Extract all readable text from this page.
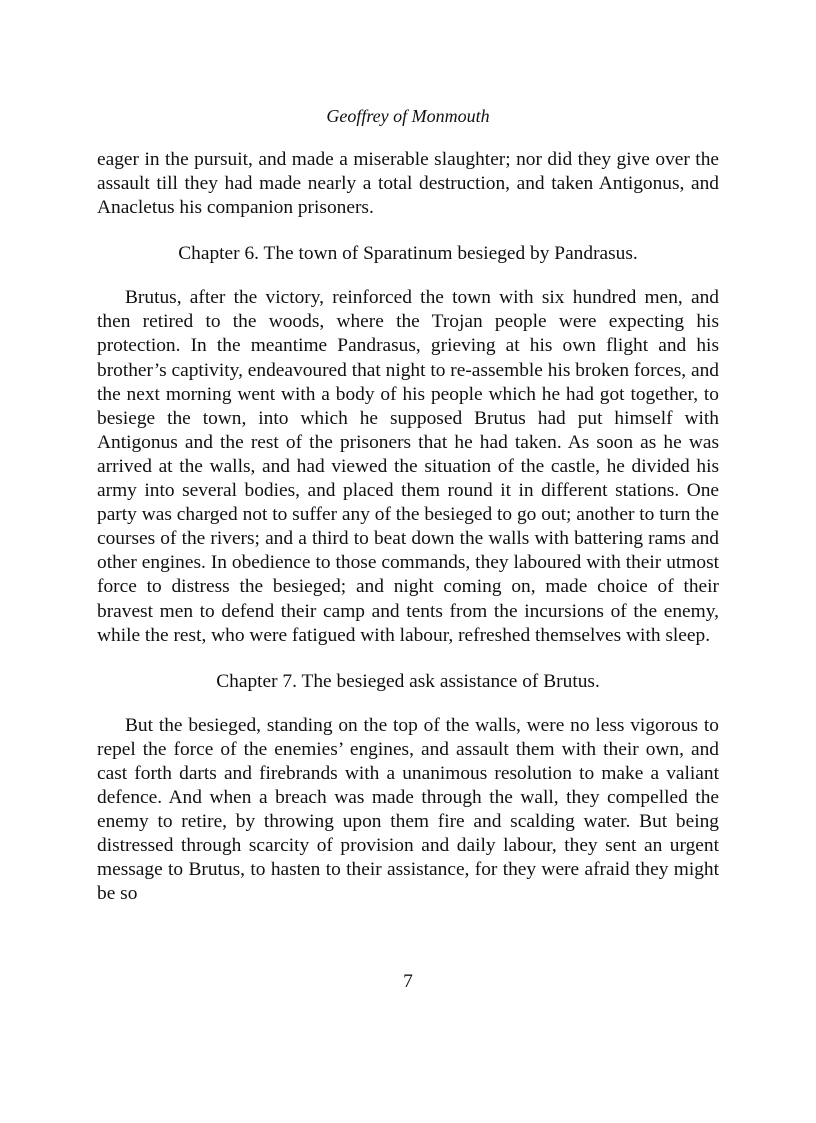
Geoffrey of Monmouth

eager in the pursuit, and made a miserable slaughter; nor did they give over the assault till they had made nearly a total destruction, and taken Antigonus, and Anacletus his companion prisoners.

Chapter 6. The town of Sparatinum besieged by Pandrasus.

Brutus, after the victory, reinforced the town with six hundred men, and then retired to the woods, where the Trojan people were expecting his protection. In the meantime Pandrasus, grieving at his own flight and his brother’s captivity, endeavoured that night to re-assemble his broken forces, and the next morning went with a body of his people which he had got together, to besiege the town, into which he supposed Brutus had put himself with Antigonus and the rest of the prisoners that he had taken. As soon as he was arrived at the walls, and had viewed the situation of the castle, he divided his army into several bodies, and placed them round it in different stations. One party was charged not to suffer any of the besieged to go out; another to turn the courses of the rivers; and a third to beat down the walls with battering rams and other engines. In obedience to those commands, they laboured with their utmost force to distress the besieged; and night coming on, made choice of their bravest men to defend their camp and tents from the incursions of the enemy, while the rest, who were fatigued with labour, refreshed themselves with sleep.

Chapter 7. The besieged ask assistance of Brutus.

But the besieged, standing on the top of the walls, were no less vigorous to repel the force of the enemies’ engines, and assault them with their own, and cast forth darts and firebrands with a unanimous resolution to make a valiant defence. And when a breach was made through the wall, they compelled the enemy to retire, by throwing upon them fire and scalding water. But being distressed through scarcity of provision and daily labour, they sent an urgent message to Brutus, to hasten to their assistance, for they were afraid they might be so

7
